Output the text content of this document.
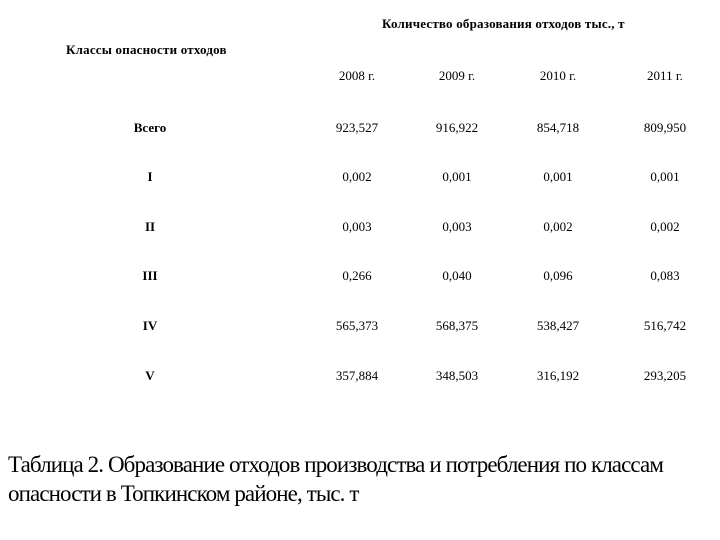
Количество образования отходов тыс., т
Классы опасности отходов
2008 г.	2009 г.	2010 г.	2011 г.
Всего	923,527	916,922	854,718	809,950
I	0,002	0,001	0,001	0,001
II	0,003	0,003	0,002	0,002
III	0,266	0,040	0,096	0,083
IV	565,373	568,375	538,427	516,742
V	357,884	348,503	316,192	293,205
Таблица 2. Образование отходов производства и потребления по классам опасности в Топкинском районе, тыс. т
